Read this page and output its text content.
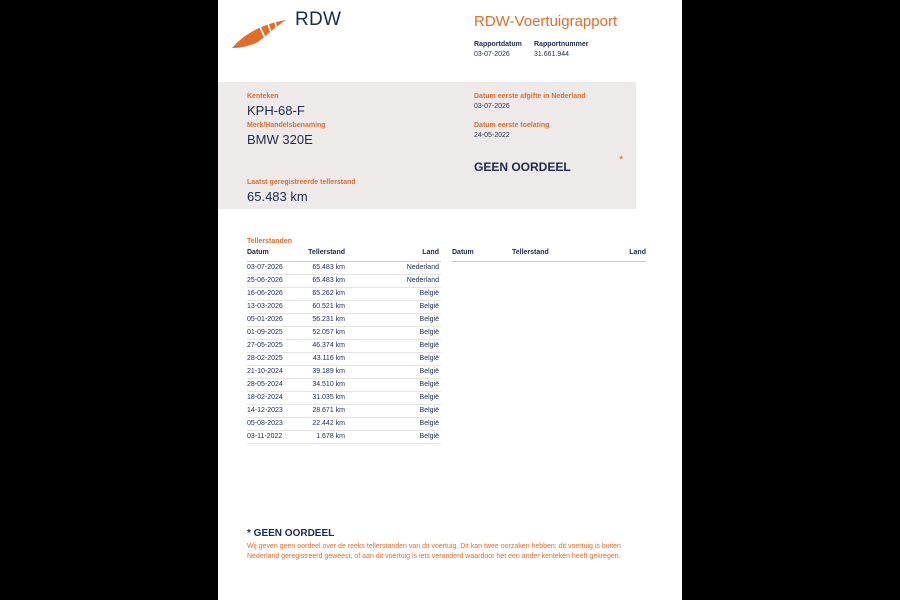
RDW	RDW-Voertuigrapport
Rapportdatum
03-07-2026
Rapportnummer
31.661.944
Kenteken
KPH-68-F
Merk/Handelsbenaming
BMW 320E
Laatst geregistreerde tellerstand
65.483 km
Datum eerste afgifte in Nederland
03-07-2026
Datum eerste toelating
24-05-2022
GEEN OORDEEL	*
Tellerstanden
Datum	Tellerstand	Land
03-07-2026	65.483 km	Nederland
25-06-2026	65.483 km	Nederland
16-06-2026	65.262 km	België
13-03-2026	60.521 km	België
05-01-2026	56.231 km	België
01-09-2025	52.057 km	België
27-05-2025	46.374 km	België
28-02-2025	43.116 km	België
21-10-2024	39.189 km	België
28-05-2024	34.510 km	België
18-02-2024	31.035 km	België
14-12-2023	28.671 km	België
05-08-2023	22.442 km	België
03-11-2022	1.678 km	België
Datum	Tellerstand	Land
* GEEN OORDEEL
Wij geven geen oordeel over de reeks tellerstanden van dit voertuig. Dit kan twee oorzaken hebben: dit voertuig is buiten Nederland geregistreerd geweest, of aan dit voertuig is iets veranderd waardoor het een ander kenteken heeft gekregen.
